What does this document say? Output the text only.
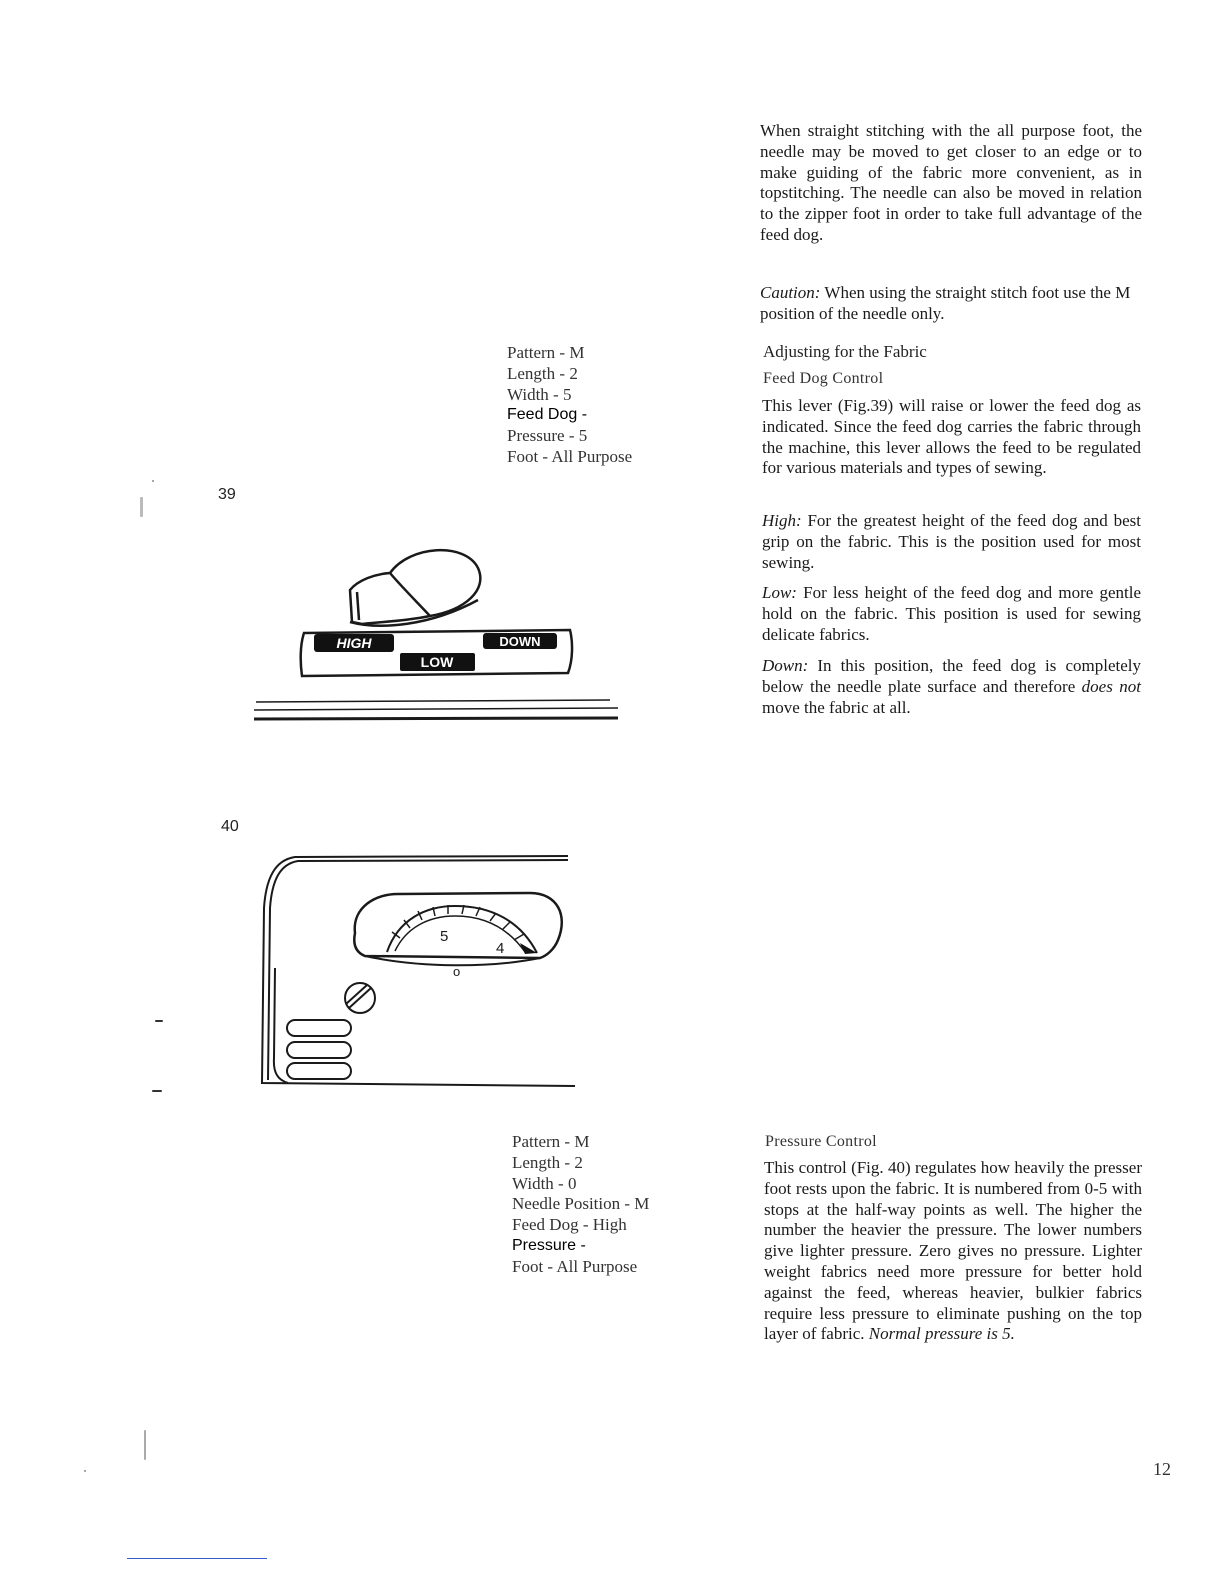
When straight stitching with the all purpose foot, the needle may be moved to get closer to an edge or to make guiding of the fabric more convenient, as in topstitching. The needle can also be moved in relation to the zipper foot in order to take full advantage of the feed dog.

Caution: When using the straight stitch foot use the M position of the needle only.

Adjusting for the Fabric

Feed Dog Control

This lever (Fig.39) will raise or lower the feed dog as indicated. Since the feed dog carries the fabric through the machine, this lever allows the feed to be regulated for various materials and types of sewing.

High: For the greatest height of the feed dog and best grip on the fabric. This is the position used for most sewing.

Low: For less height of the feed dog and more gentle hold on the fabric. This position is used for sewing delicate fabrics.

Down: In this position, the feed dog is completely below the needle plate surface and therefore does not move the fabric at all.

Pattern - M
Length - 2
Width - 5
Feed Dog -
Pressure - 5
Foot - All Purpose
39
HIGH	DOWN
LOW
40
5
4
o
Pattern - M
Length - 2
Width - 0
Needle Position - M
Feed Dog - High
Pressure -
Foot - All Purpose

Pressure Control

This control (Fig. 40) regulates how heavily the presser foot rests upon the fabric. It is numbered from 0-5 with stops at the half-way points as well. The higher the number the heavier the pressure. The lower numbers give lighter pressure. Zero gives no pressure. Lighter weight fabrics need more pressure for better hold against the feed, whereas heavier, bulkier fabrics require less pressure to eliminate pushing on the top layer of fabric. Normal pressure is 5.

12
